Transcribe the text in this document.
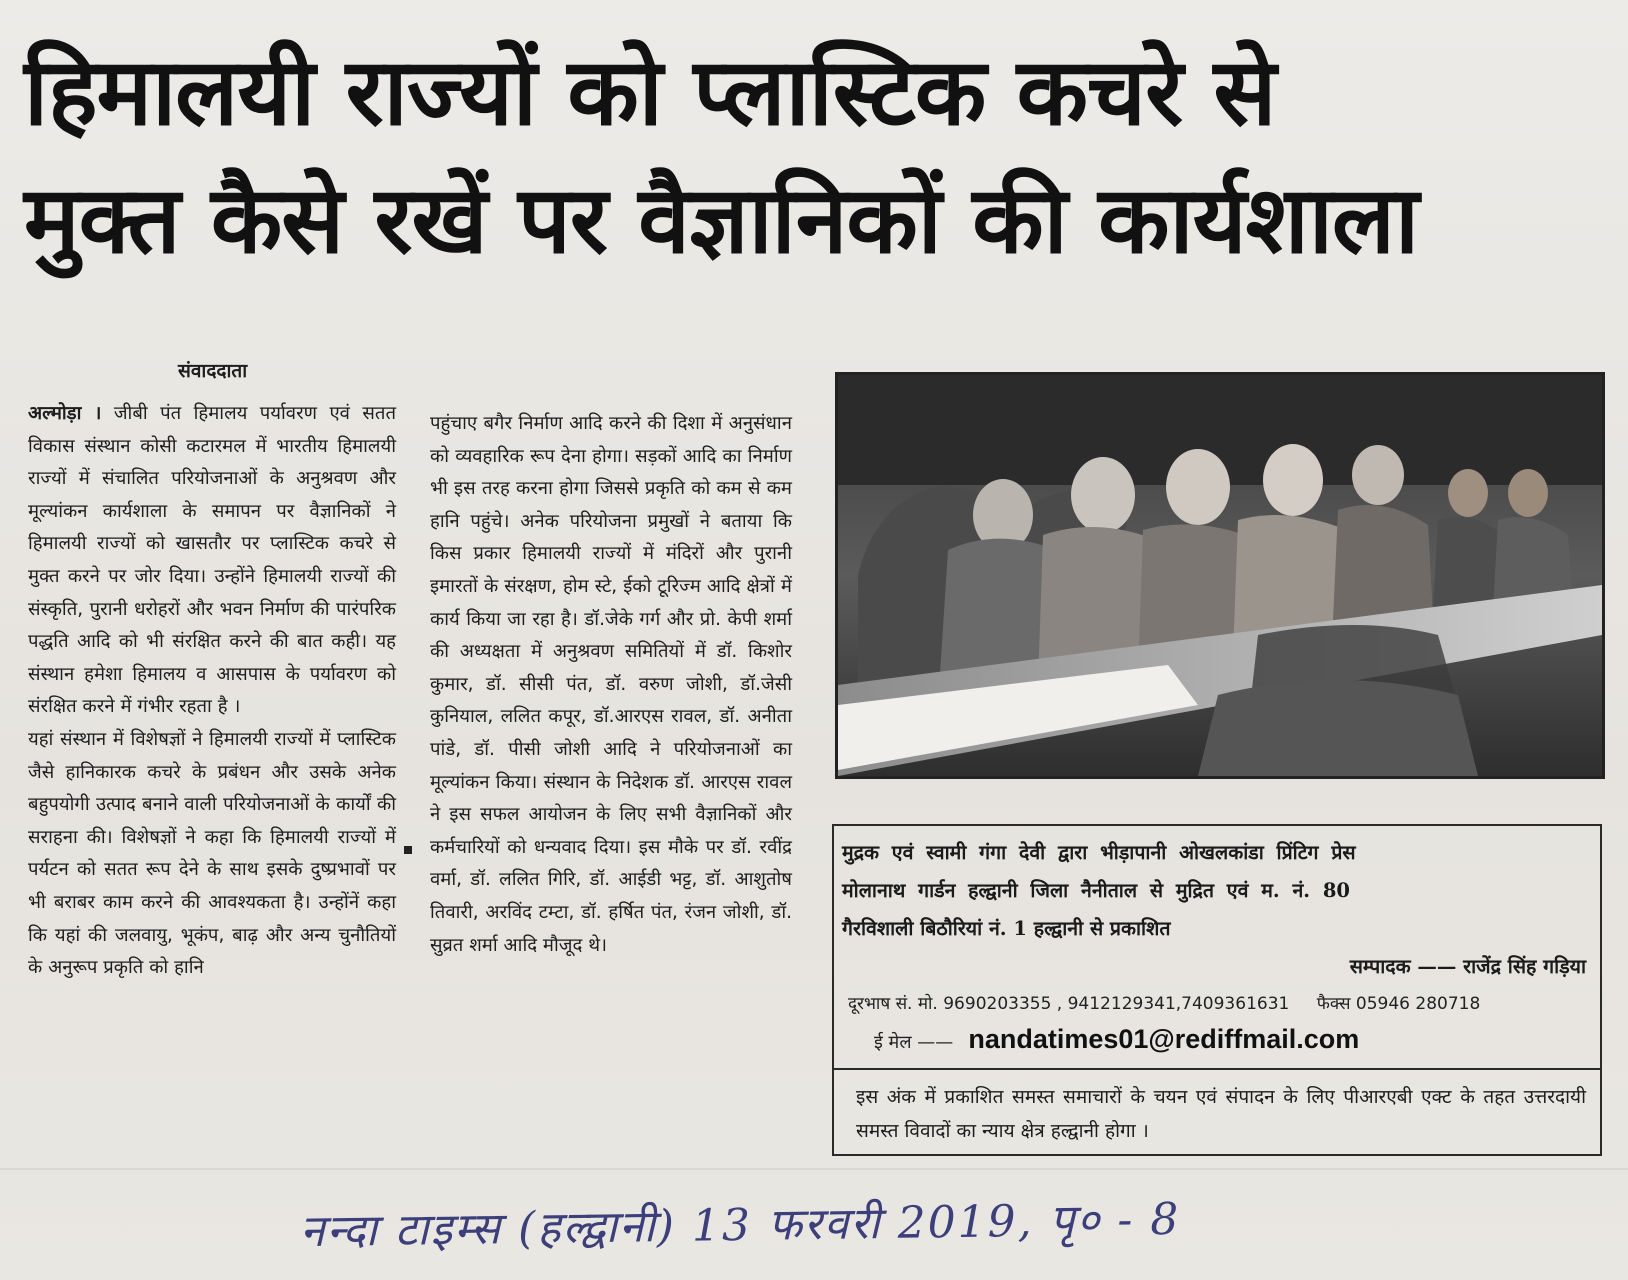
हिमालयी राज्यों को प्लास्टिक कचरे से
मुक्त कैसे रखें पर वैज्ञानिकों की कार्यशाला
संवाददाता

अल्मोड़ा । जीबी पंत हिमालय पर्यावरण एवं सतत विकास संस्थान कोसी कटारमल में भारतीय हिमालयी राज्यों में संचालित परियोजनाओं के अनुश्रवण और मूल्यांकन कार्यशाला के समापन पर वैज्ञानिकों ने हिमालयी राज्यों को खासतौर पर प्लास्टिक कचरे से मुक्त करने पर जोर दिया। उन्होंने हिमालयी राज्यों की संस्कृति, पुरानी धरोहरों और भवन निर्माण की पारंपरिक पद्धति आदि को भी संरक्षित करने की बात कही। यह संस्थान हमेशा हिमालय व आसपास के पर्यावरण को संरक्षित करने में गंभीर रहता है ।

यहां संस्थान में विशेषज्ञों ने हिमालयी राज्यों में प्लास्टिक जैसे हानिकारक कचरे के प्रबंधन और उसके अनेक बहुपयोगी उत्पाद बनाने वाली परियोजनाओं के कार्यों की सराहना की। विशेषज्ञों ने कहा कि हिमालयी राज्यों में पर्यटन को सतत रूप देने के साथ इसके दुष्प्रभावों पर भी बराबर काम करने की आवश्यकता है। उन्होंनें कहा कि यहां की जलवायु, भूकंप, बाढ़ और अन्य चुनौतियों के अनुरूप प्रकृति को हानि

पहुंचाए बगैर निर्माण आदि करने की दिशा में अनुसंधान को व्यवहारिक रूप देना होगा। सड़कों आदि का निर्माण भी इस तरह करना होगा जिससे प्रकृति को कम से कम हानि पहुंचे। अनेक परियोजना प्रमुखों ने बताया कि किस प्रकार हिमालयी राज्यों में मंदिरों और पुरानी इमारतों के संरक्षण, होम स्टे, ईको टूरिज्म आदि क्षेत्रों में कार्य किया जा रहा है। डॉ.जेके गर्ग और प्रो. केपी शर्मा की अध्यक्षता में अनुश्रवण समितियों में डॉ. किशोर कुमार, डॉ. सीसी पंत, डॉ. वरुण जोशी, डॉ.जेसी कुनियाल, ललित कपूर, डॉ.आरएस रावल, डॉ. अनीता पांडे, डॉ. पीसी जोशी आदि ने परियोजनाओं का मूल्यांकन किया। संस्थान के निदेशक डॉ. आरएस रावल ने इस सफल आयोजन के लिए सभी वैज्ञानिकों और कर्मचारियों को धन्यवाद दिया। इस मौके पर डॉ. रवींद्र वर्मा, डॉ. ललित गिरि, डॉ. आईडी भट्ट, डॉ. आशुतोष तिवारी, अरविंद टम्टा, डॉ. हर्षित पंत, रंजन जोशी, डॉ. सुव्रत शर्मा आदि मौजूद थे।

मुद्रक एवं स्वामी गंगा देवी द्वारा भीड़ापानी ओखलकांडा प्रिंटिग प्रेस
मोलानाथ गार्डन हल्द्वानी जिला नैनीताल से मुद्रित एवं म. नं. 80
गैरविशाली बिठौरियां नं. 1 हल्द्वानी से प्रकाशित
सम्पादक —— राजेंद्र सिंह गड़िया
दूरभाष सं. मो. 9690203355 , 9412129341,7409361631 फैक्स 05946 280718
ई मेल —— nandatimes01@rediffmail.com
इस अंक में प्रकाशित समस्त समाचारों के चयन एवं संपादन के लिए पीआरएबी एक्ट के तहत उत्तरदायी समस्त विवादों का न्याय क्षेत्र हल्द्वानी होगा ।
नन्दा टाइम्स (हल्द्वानी) 13 फरवरी 2019, पृ० - 8
